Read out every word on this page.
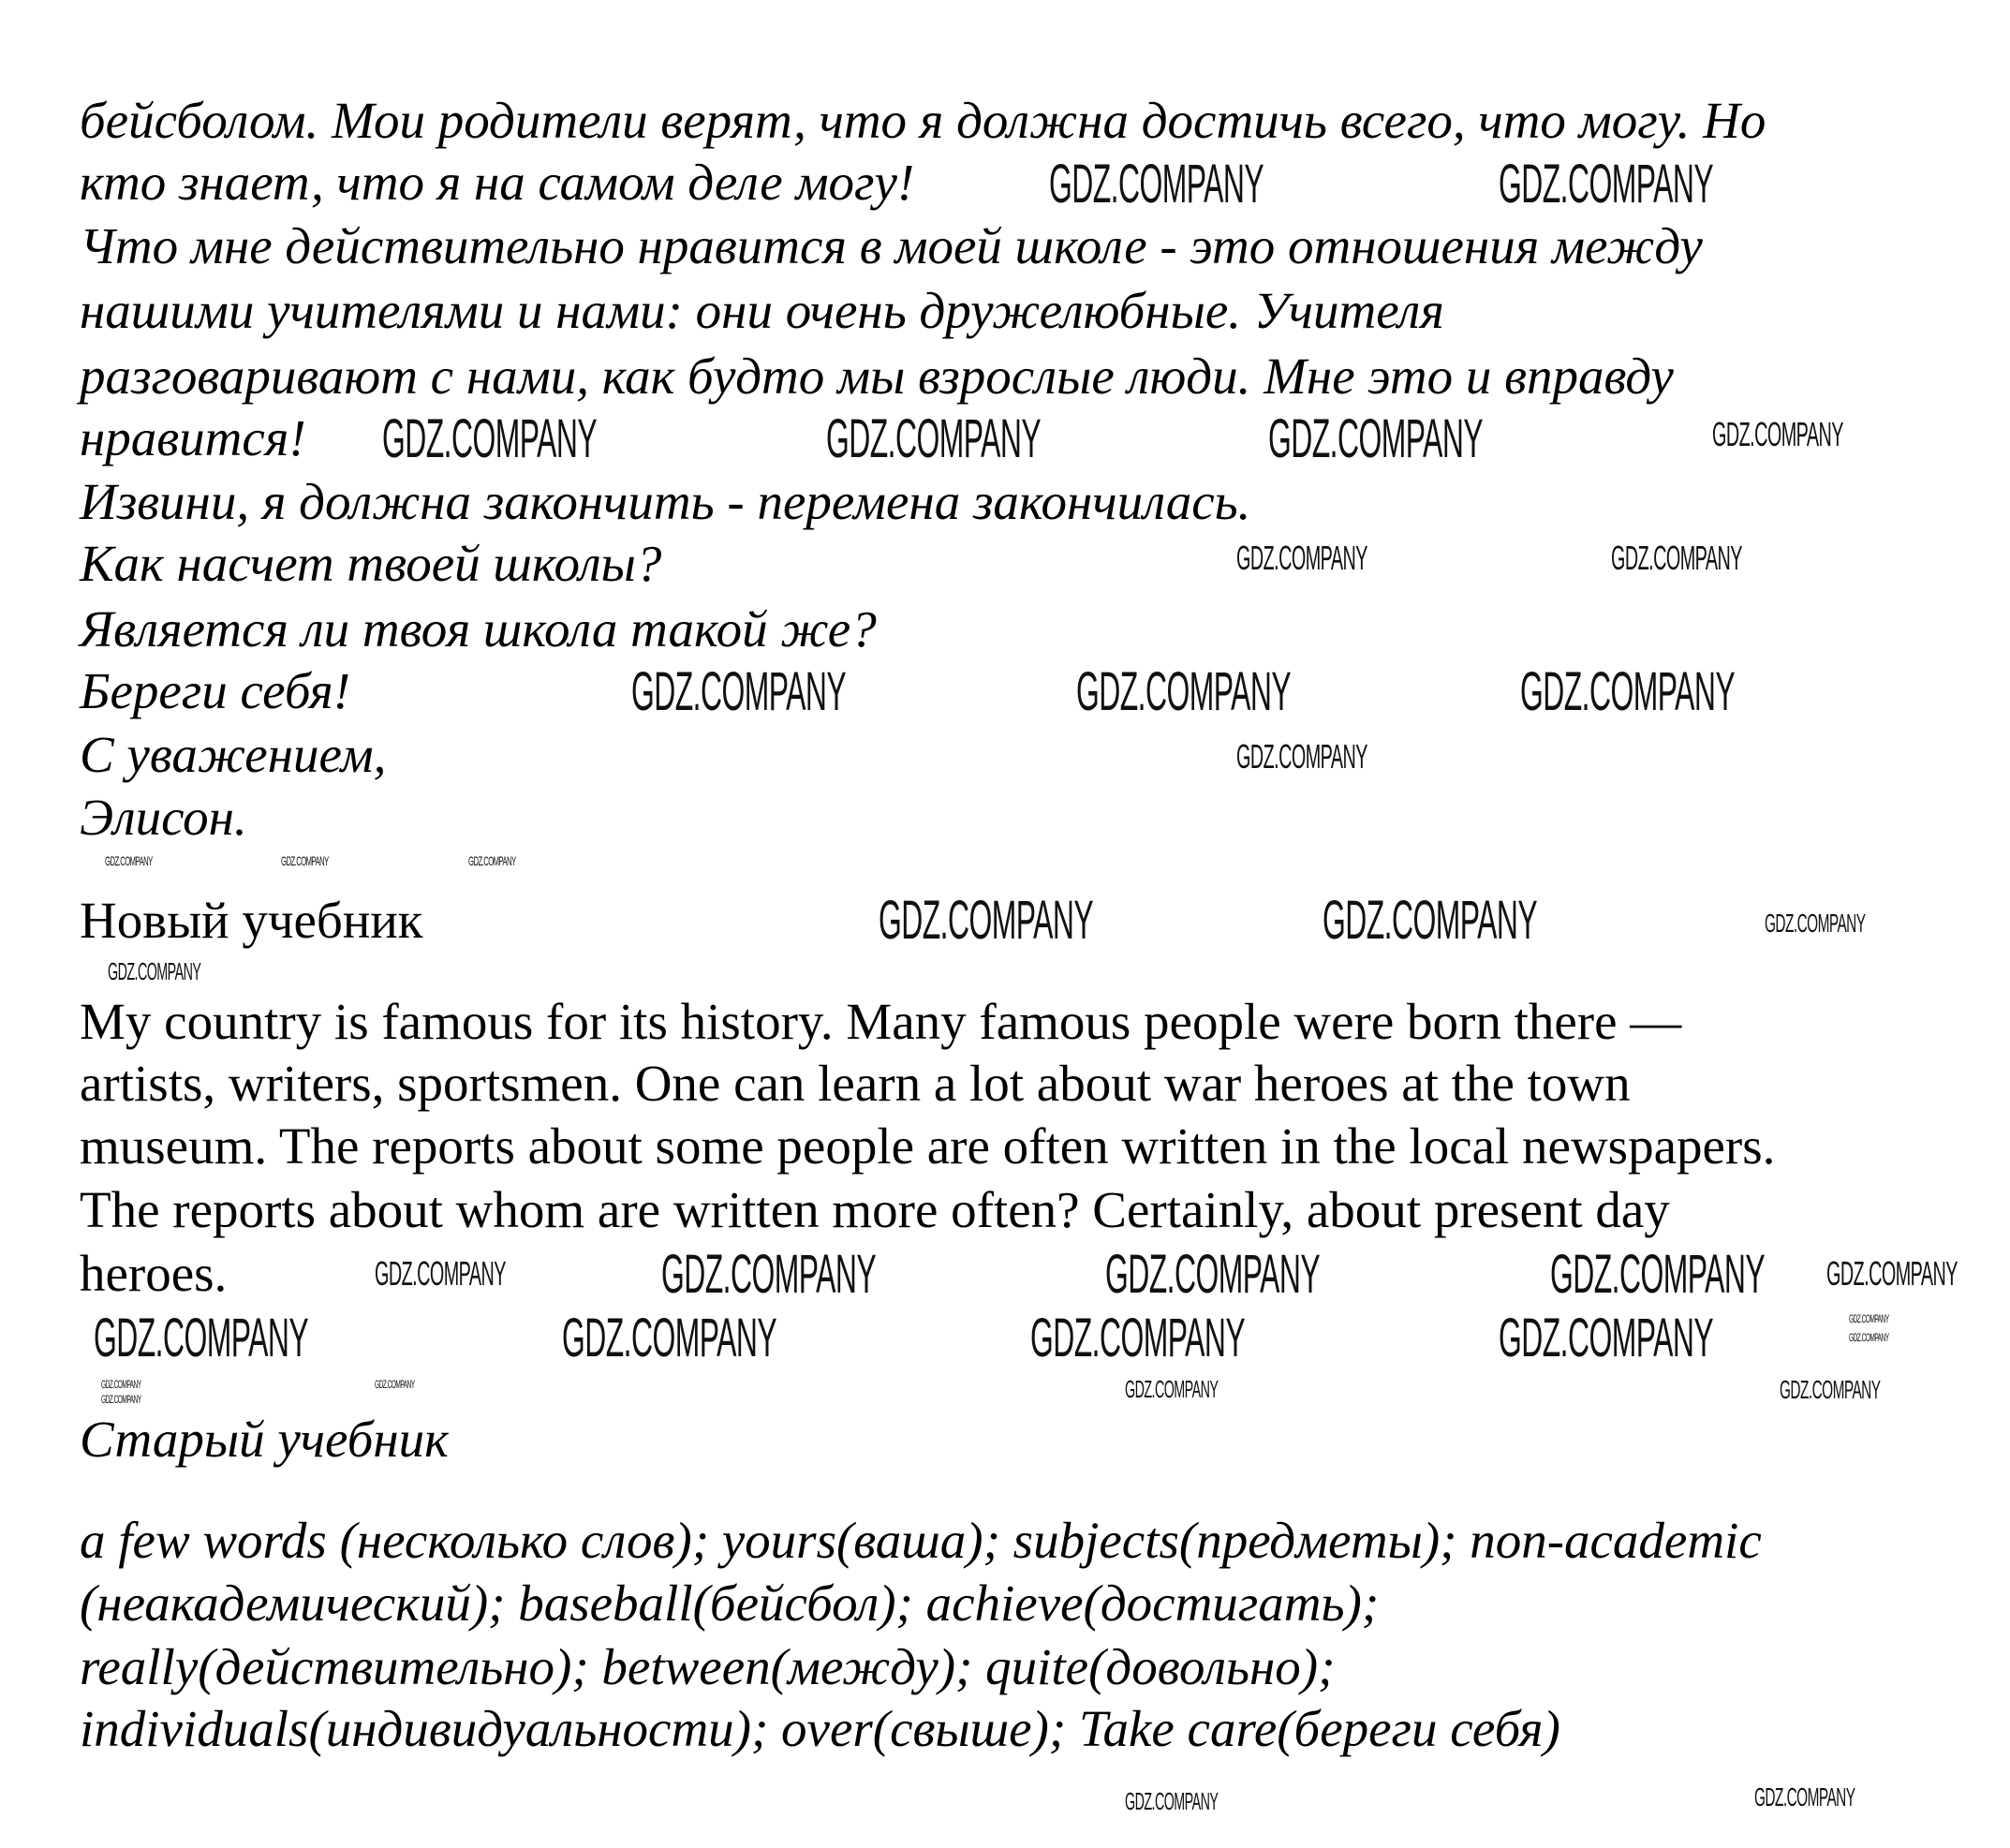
бейсболом. Мои родители верят, что я должна достичь всего, что могу. Но
кто знает, что я на самом деле могу!
Что мне действительно нравится в моей школе - это отношения между
нашими учителями и нами: они очень дружелюбные. Учителя
разговаривают с нами, как будто мы взрослые люди. Мне это и вправду
нравится!
Извини, я должна закончить - перемена закончилась.
Как насчет твоей школы?
Является ли твоя школа такой же?
Береги себя!
С уважением,
Элисон.
Новый учебник
My country is famous for its history. Many famous people were born there —
artists, writers, sportsmen. One can learn a lot about war heroes at the town
museum. The reports about some people are often written in the local newspapers.
The reports about whom are written more often? Certainly, about present day
heroes.
Старый учебник
a few words (несколько слов); yours(ваша); subjects(предметы); non-academic
(неакадемический); baseball(бейсбол); achieve(достигать);
really(действительно); between(между); quite(довольно);
individuals(индивидуальности); over(свыше); Take care(береги себя)
GDZ.COMPANY	GDZ.COMPANY
GDZ.COMPANY	GDZ.COMPANY	GDZ.COMPANY	GDZ.COMPANY
GDZ.COMPANY	GDZ.COMPANY
GDZ.COMPANY	GDZ.COMPANY	GDZ.COMPANY
GDZ.COMPANY
GDZ.COMPANY	GDZ.COMPANY	GDZ.COMPANY
GDZ.COMPANY	GDZ.COMPANY	GDZ.COMPANY
GDZ.COMPANY
GDZ.COMPANY	GDZ.COMPANY	GDZ.COMPANY
GDZ.COMPANY	GDZ.COMPANY
GDZ.COMPANY	GDZ.COMPANY	GDZ.COMPANY	GDZ.COMPANY	GDZ.COMPANY
GDZ.COMPANY
GDZ.COMPANY
GDZ.COMPANY
GDZ.COMPANY	GDZ.COMPANY	GDZ.COMPANY
GDZ.COMPANY	GDZ.COMPANY
